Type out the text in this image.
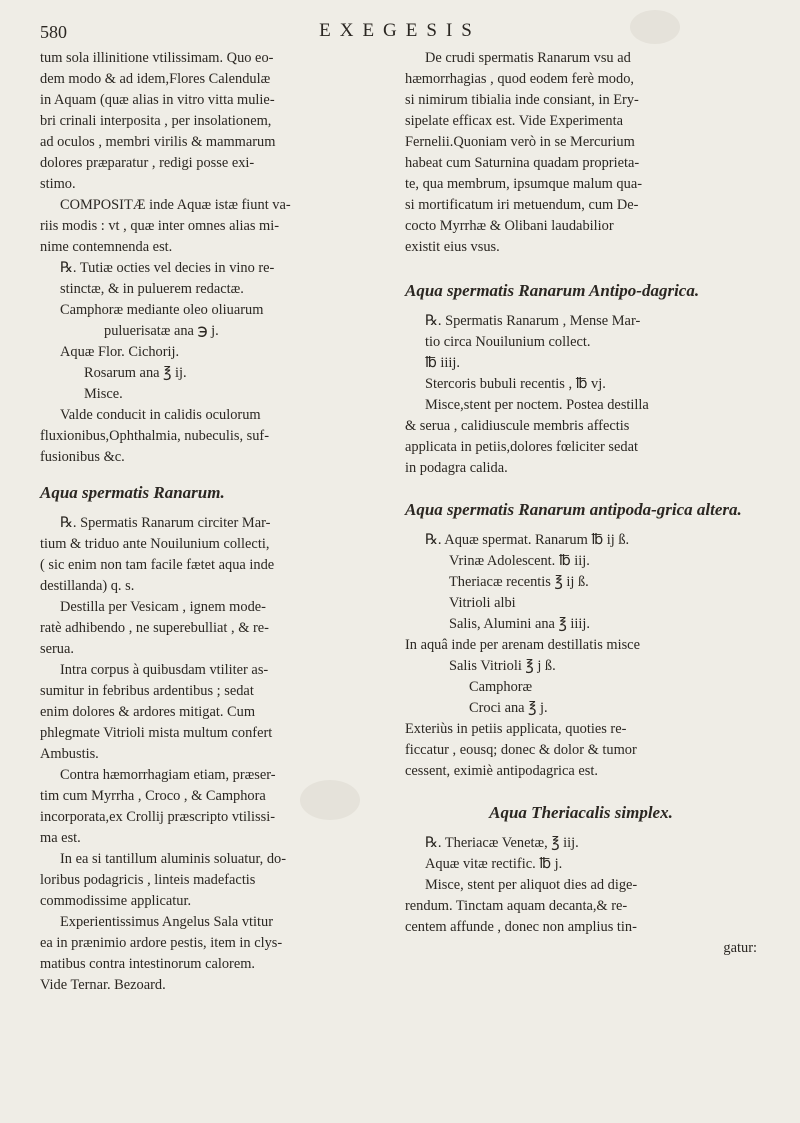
580	EXEGESIS

tum sola illinitione vtilissimam. Quo eo-
dem modo & ad idem,Flores Calendulæ
in Aquam (quæ alias in vitro vitta mulie-
bri crinali interposita , per insolationem,
ad oculos , membri virilis & mammarum
dolores præparatur , redigi posse exi-
stimo.
COMPOSITÆ inde Aquæ istæ fiunt va-
riis modis : vt , quæ inter omnes alias mi-
nime contemnenda est.

℞. Tutiæ octies vel decies in vino re-
stinctæ, & in puluerem redactæ.
Camphoræ mediante oleo oliuarum
puluerisatæ ana ℈ j.
Aquæ Flor. Cichorij.
Rosarum ana ℥ ij.
Misce.
Valde conducit in calidis oculorum
fluxionibus,Ophthalmia, nubeculis, suf-
fusionibus &c.

Aqua spermatis Ranarum.

℞. Spermatis Ranarum circiter Mar-
tium & triduo ante Nouilunium collecti,
( sic enim non tam facile fætet aqua inde
destillanda) q. s.
Destilla per Vesicam , ignem mode-
ratè adhibendo , ne superebulliat , & re-
serua.
Intra corpus à quibusdam vtiliter as-
sumitur in febribus ardentibus ; sedat
enim dolores & ardores mitigat. Cum
phlegmate Vitrioli mista multum confert
Ambustis.
Contra hæmorrhagiam etiam, præser-
tim cum Myrrha , Croco , & Camphora
incorporata,ex Crollij præscripto vtilissi-
ma est.
In ea si tantillum aluminis soluatur, do-
loribus podagricis , linteis madefactis
commodissime applicatur.
Experientissimus Angelus Sala vtitur
ea in prænimio ardore pestis, item in clys-
matibus contra intestinorum calorem.
Vide Ternar. Bezoard.

De crudi spermatis Ranarum vsu ad
hæmorrhagias , quod eodem ferè modo,
si nimirum tibialia inde consiant, in Ery-
sipelate efficax est. Vide Experimenta
Fernelii.Quoniam verò in se Mercurium
habeat cum Saturnina quadam proprieta-
te, qua membrum, ipsumque malum qua-
si mortificatum iri metuendum, cum De-
cocto Myrrhæ & Olibani laudabilior
existit eius vsus.

Aqua spermatis Ranarum Antipo-dagrica.

℞. Spermatis Ranarum , Mense Mar-
tio circa Nouilunium collect.
℔ iiij.
Stercoris bubuli recentis , ℔ vj.
Misce,stent per noctem. Postea destilla
& serua , calidiuscule membris affectis
applicata in petiis,dolores fœliciter sedat
in podagra calida.

Aqua spermatis Ranarum antipoda-grica altera.

℞. Aquæ spermat. Ranarum ℔ ij ß.
Vrinæ Adolescent. ℔ iij.
Theriacæ recentis ℥ ij ß.
Vitrioli albi
Salis, Alumini ana ℥ iiij.
In aquâ inde per arenam destillatis misce
Salis Vitrioli ℥ j ß.
Camphoræ
Croci ana ℥ j.
Exteriùs in petiis applicata, quoties re-
ficcatur , eousq; donec & dolor & tumor
cessent, eximiè antipodagrica est.

Aqua Theriacalis simplex.

℞. Theriacæ Venetæ, ℥ iij.
Aquæ vitæ rectific. ℔ j.
Misce, stent per aliquot dies ad dige-
rendum. Tinctam aquam decanta,& re-
centem affunde , donec non amplius tin-
gatur:
